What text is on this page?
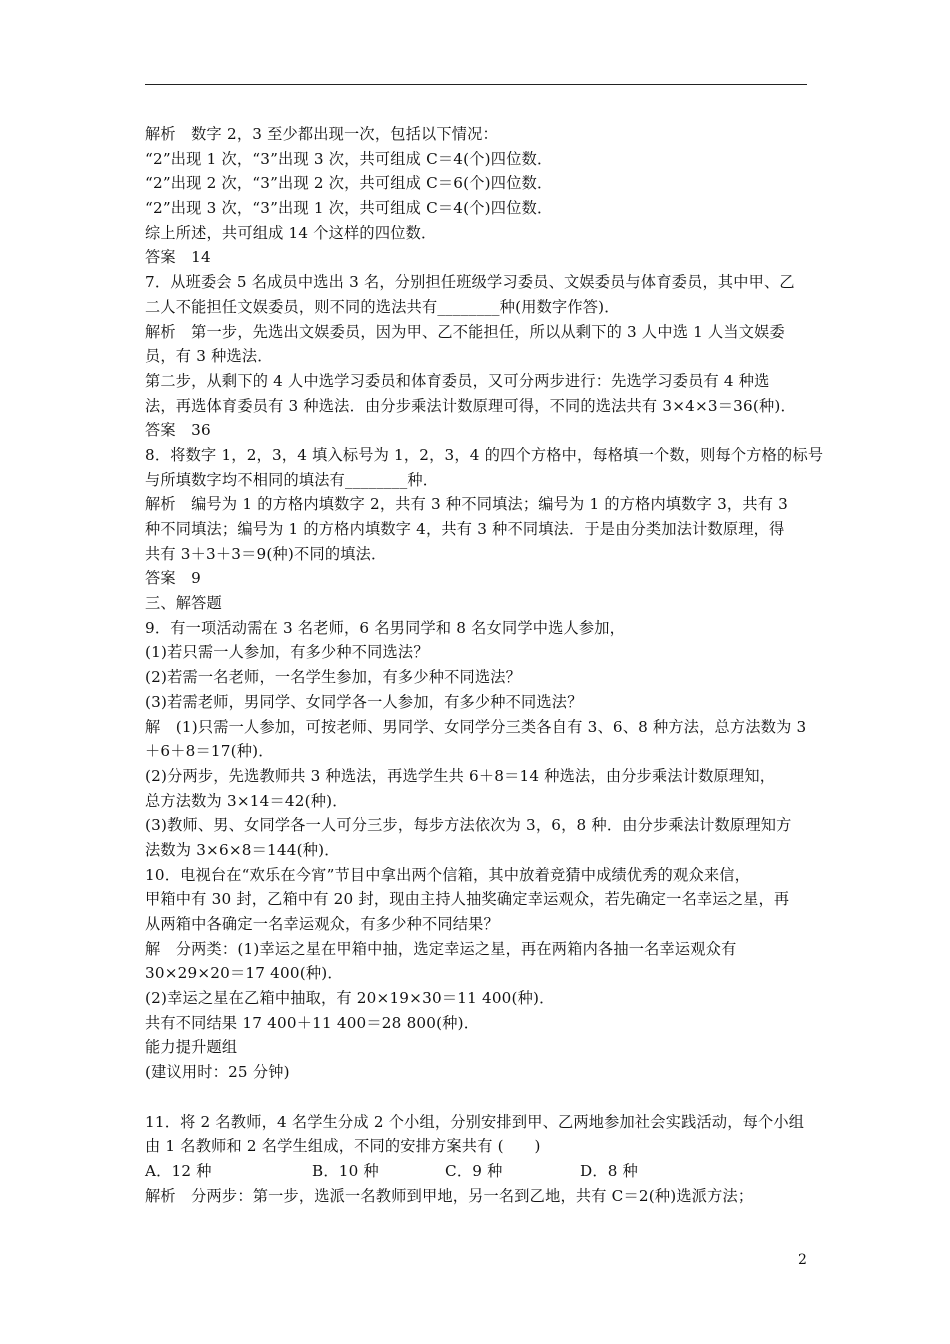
解析　数字 2，3 至少都出现一次，包括以下情况：
“2”出现 1 次，“3”出现 3 次，共可组成 C＝4(个)四位数．
“2”出现 2 次，“3”出现 2 次，共可组成 C＝6(个)四位数．
“2”出现 3 次，“3”出现 1 次，共可组成 C＝4(个)四位数．
综上所述，共可组成 14 个这样的四位数．
答案　14
7．从班委会 5 名成员中选出 3 名，分别担任班级学习委员、文娱委员与体育委员，其中甲、乙
二人不能担任文娱委员，则不同的选法共有________种(用数字作答)．
解析　第一步，先选出文娱委员，因为甲、乙不能担任，所以从剩下的 3 人中选 1 人当文娱委
员，有 3 种选法．
第二步，从剩下的 4 人中选学习委员和体育委员，又可分两步进行：先选学习委员有 4 种选
法，再选体育委员有 3 种选法．由分步乘法计数原理可得，不同的选法共有 3×4×3＝36(种)．
答案　36
8．将数字 1，2，3，4 填入标号为 1，2，3，4 的四个方格中，每格填一个数，则每个方格的标号
与所填数字均不相同的填法有________种．
解析　编号为 1 的方格内填数字 2，共有 3 种不同填法；编号为 1 的方格内填数字 3，共有 3
种不同填法；编号为 1 的方格内填数字 4，共有 3 种不同填法．于是由分类加法计数原理，得
共有 3＋3＋3＝9(种)不同的填法．
答案　9
三、解答题
9．有一项活动需在 3 名老师，6 名男同学和 8 名女同学中选人参加，
(1)若只需一人参加，有多少种不同选法？
(2)若需一名老师，一名学生参加，有多少种不同选法？
(3)若需老师，男同学、女同学各一人参加，有多少种不同选法？
解　(1)只需一人参加，可按老师、男同学、女同学分三类各自有 3、6、8 种方法，总方法数为 3
＋6＋8＝17(种)．
(2)分两步，先选教师共 3 种选法，再选学生共 6＋8＝14 种选法，由分步乘法计数原理知，
总方法数为 3×14＝42(种)．
(3)教师、男、女同学各一人可分三步，每步方法依次为 3，6，8 种．由分步乘法计数原理知方
法数为 3×6×8＝144(种)．
10．电视台在“欢乐在今宵”节目中拿出两个信箱，其中放着竞猜中成绩优秀的观众来信，
甲箱中有 30 封，乙箱中有 20 封，现由主持人抽奖确定幸运观众，若先确定一名幸运之星，再
从两箱中各确定一名幸运观众，有多少种不同结果？
解　分两类：(1)幸运之星在甲箱中抽，选定幸运之星，再在两箱内各抽一名幸运观众有
30×29×20＝17 400(种)．
(2)幸运之星在乙箱中抽取，有 20×19×30＝11 400(种)．
共有不同结果 17 400＋11 400＝28 800(种)．
能力提升题组
(建议用时：25 分钟)
11．将 2 名教师，4 名学生分成 2 个小组，分别安排到甲、乙两地参加社会实践活动，每个小组
由 1 名教师和 2 名学生组成，不同的安排方案共有 (　　)
A．12 种	B．10 种	C．9 种	D．8 种
解析　分两步：第一步，选派一名教师到甲地，另一名到乙地，共有 C＝2(种)选派方法；
2
